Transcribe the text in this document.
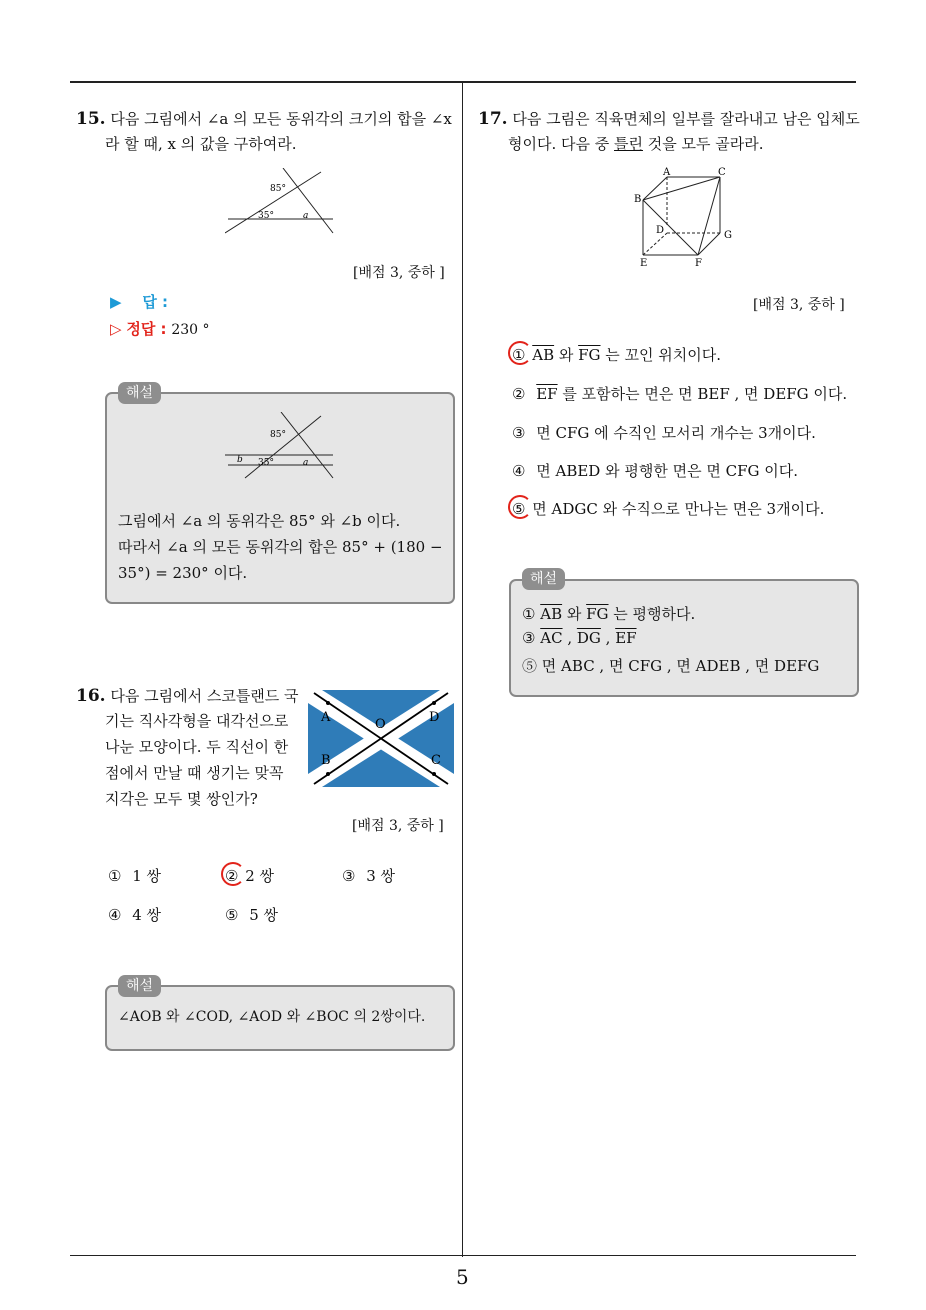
5
15. 다음 그림에서 ∠a 의 모든 동위각의 크기의 합을 ∠x
라 할 때, x 의 값을 구하여라.
85°
35°	a
[배점 3, 중하 ]
▶ 답 :
▷ 정답 : 230 °
해설
85°
35°	a
b
그림에서 ∠a 의 동위각은 85° 와 ∠b 이다.
따라서 ∠a 의 모든 동위각의 합은 85° + (180 −
35°) = 230° 이다.
16. 다음 그림에서 스코틀랜드 국
기는 직사각형을 대각선으로
나눈 모양이다. 두 직선이 한
점에서 만날 때 생기는 맞꼭
지각은 모두 몇 쌍인가?
A	D
B	C
O
[배점 3, 중하 ]
① 1 쌍	② 2 쌍	③ 3 쌍
④ 4 쌍	⑤ 5 쌍
해설
∠AOB 와 ∠COD, ∠AOD 와 ∠BOC 의 2쌍이다.
17. 다음 그림은 직육면체의 일부를 잘라내고 남은 입체도
형이다. 다음 중 틀린 것을 모두 골라라.
A	C
B
D	G
E	F
[배점 3, 중하 ]
① $\overline{AB}$ 와 $\overline{FG}$ 는 꼬인 위치이다.
② $\overline{EF}$ 를 포함하는 면은 면 BEF , 면 DEFG 이다.
③ 면 CFG 에 수직인 모서리 개수는 3개이다.
④ 면 ABED 와 평행한 면은 면 CFG 이다.
⑤ 면 ADGC 와 수직으로 만나는 면은 3개이다.
해설
① $\overline{AB}$ 와 $\overline{FG}$ 는 평행하다.
③ $\overline{AC}$ , $\overline{DG}$ , $\overline{EF}$
⑤ 면 ABC , 면 CFG , 면 ADEB , 면 DEFG
